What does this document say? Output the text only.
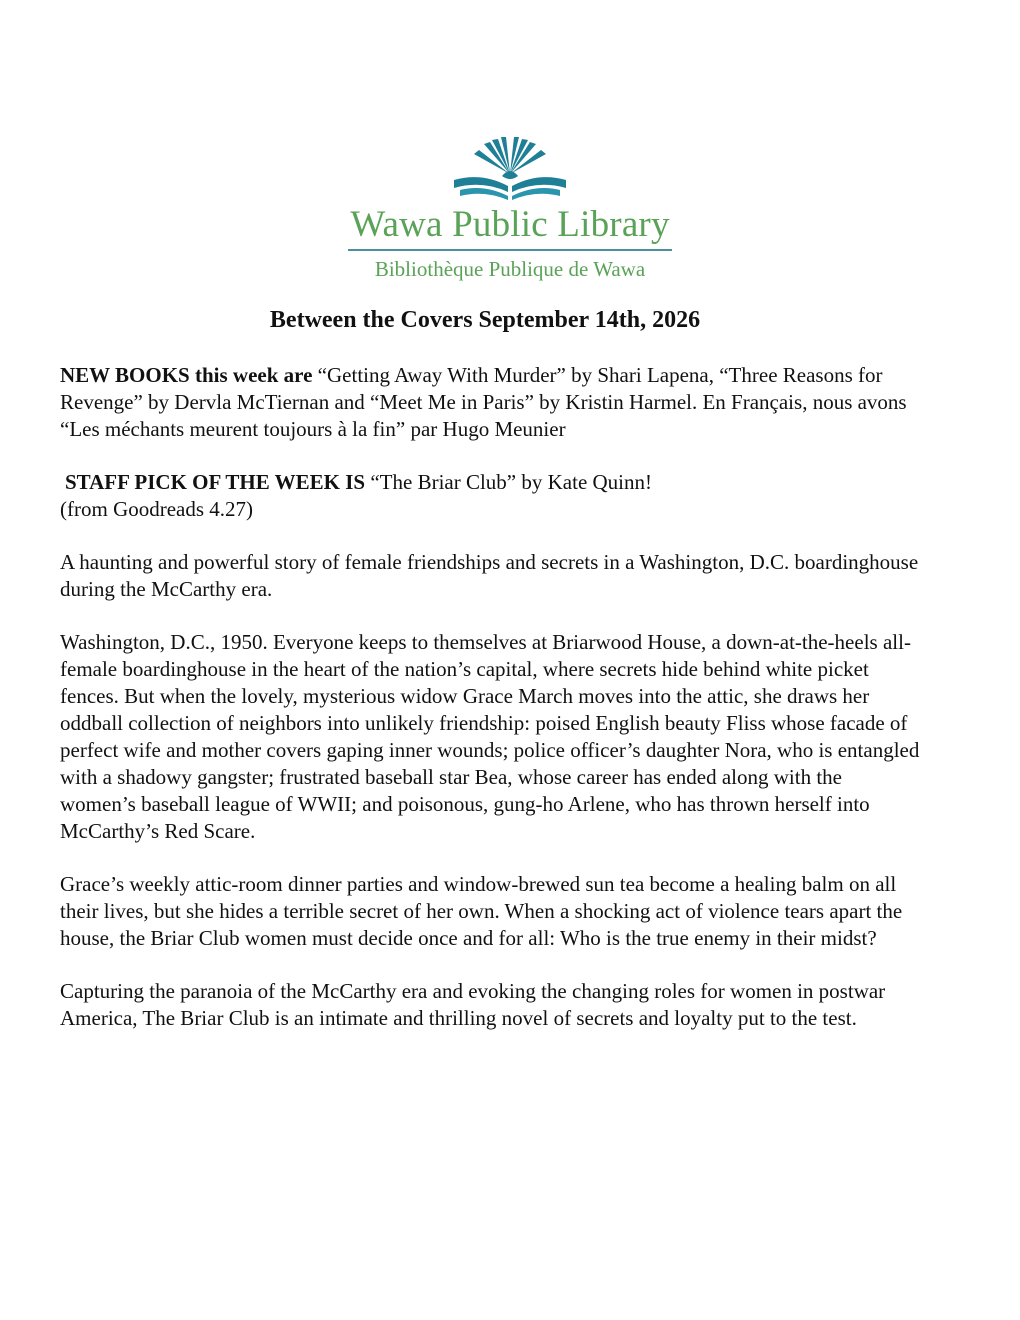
Wawa Public Library
Bibliothèque Publique de Wawa
Between the Covers September 14th, 2026

NEW BOOKS this week are “Getting Away With Murder” by Shari Lapena, “Three Reasons for Revenge” by Dervla McTiernan and “Meet Me in Paris” by Kristin Harmel. En Français, nous avons “Les méchants meurent toujours à la fin” par Hugo Meunier

STAFF PICK OF THE WEEK IS “The Briar Club” by Kate Quinn!
(from Goodreads 4.27)

A haunting and powerful story of female friendships and secrets in a Washington, D.C. boardinghouse during the McCarthy era.

Washington, D.C., 1950. Everyone keeps to themselves at Briarwood House, a down-at-the-heels all-female boardinghouse in the heart of the nation’s capital, where secrets hide behind white picket fences. But when the lovely, mysterious widow Grace March moves into the attic, she draws her oddball collection of neighbors into unlikely friendship: poised English beauty Fliss whose facade of perfect wife and mother covers gaping inner wounds; police officer’s daughter Nora, who is entangled with a shadowy gangster; frustrated baseball star Bea, whose career has ended along with the women’s baseball league of WWII; and poisonous, gung-ho Arlene, who has thrown herself into McCarthy’s Red Scare.

Grace’s weekly attic-room dinner parties and window-brewed sun tea become a healing balm on all their lives, but she hides a terrible secret of her own. When a shocking act of violence tears apart the house, the Briar Club women must decide once and for all: Who is the true enemy in their midst?

Capturing the paranoia of the McCarthy era and evoking the changing roles for women in postwar America, The Briar Club is an intimate and thrilling novel of secrets and loyalty put to the test.
